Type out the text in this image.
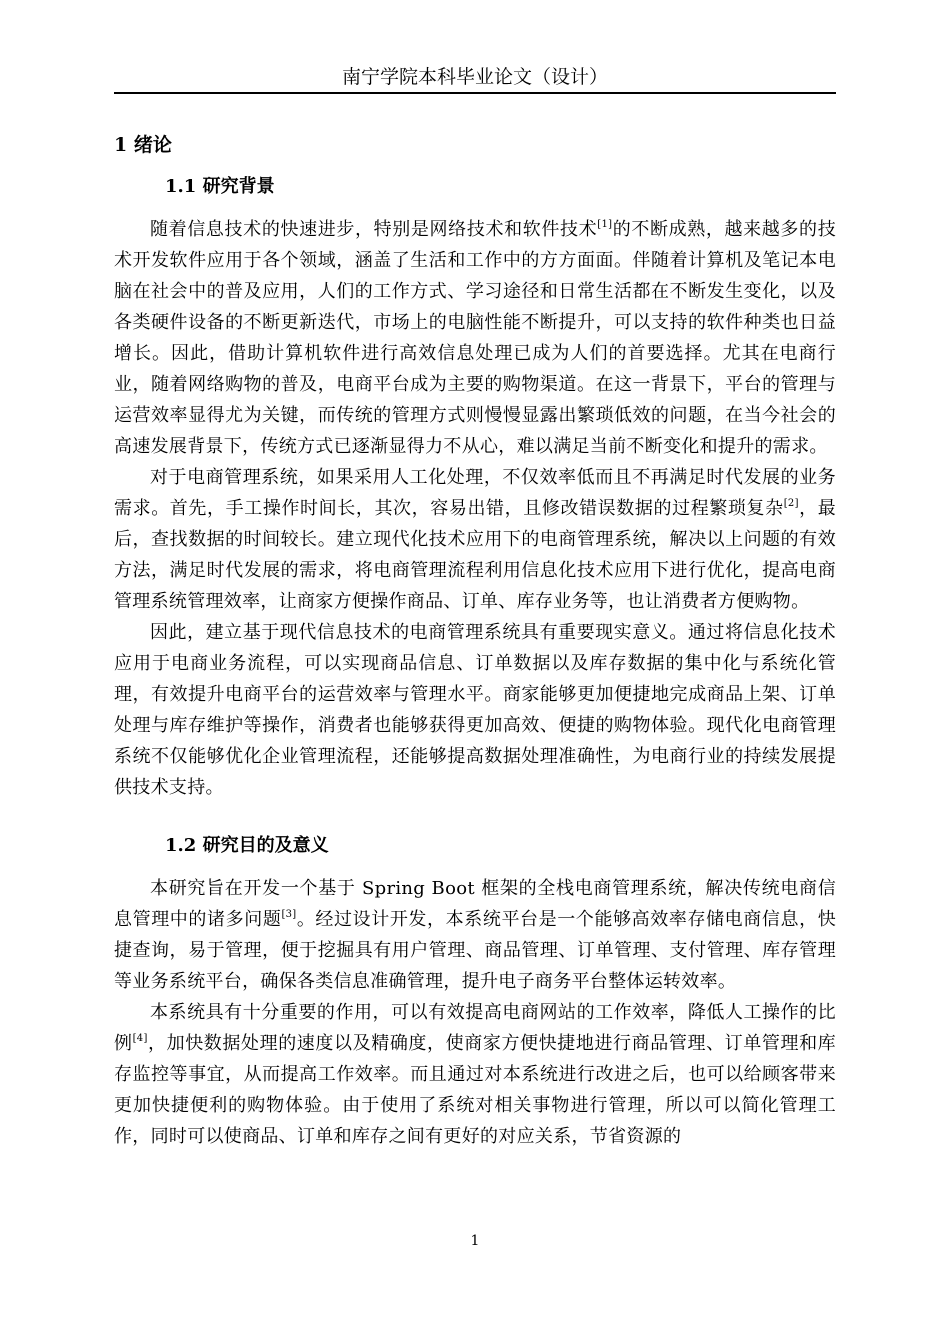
南宁学院本科毕业论文（设计）
1 绪论
1.1 研究背景

随着信息技术的快速进步，特别是网络技术和软件技术[1]的不断成熟，越来越多的技术开发软件应用于各个领域，涵盖了生活和工作中的方方面面。伴随着计算机及笔记本电脑在社会中的普及应用，人们的工作方式、学习途径和日常生活都在不断发生变化，以及各类硬件设备的不断更新迭代，市场上的电脑性能不断提升，可以支持的软件种类也日益增长。因此，借助计算机软件进行高效信息处理已成为人们的首要选择。尤其在电商行业，随着网络购物的普及，电商平台成为主要的购物渠道。在这一背景下，平台的管理与运营效率显得尤为关键，而传统的管理方式则慢慢显露出繁琐低效的问题，在当今社会的高速发展背景下，传统方式已逐渐显得力不从心，难以满足当前不断变化和提升的需求。

对于电商管理系统，如果采用人工化处理，不仅效率低而且不再满足时代发展的业务需求。首先，手工操作时间长，其次，容易出错，且修改错误数据的过程繁琐复杂[2]，最后，查找数据的时间较长。建立现代化技术应用下的电商管理系统，解决以上问题的有效方法，满足时代发展的需求，将电商管理流程利用信息化技术应用下进行优化，提高电商管理系统管理效率，让商家方便操作商品、订单、库存业务等，也让消费者方便购物。

因此，建立基于现代信息技术的电商管理系统具有重要现实意义。通过将信息化技术应用于电商业务流程，可以实现商品信息、订单数据以及库存数据的集中化与系统化管理，有效提升电商平台的运营效率与管理水平。商家能够更加便捷地完成商品上架、订单处理与库存维护等操作，消费者也能够获得更加高效、便捷的购物体验。现代化电商管理系统不仅能够优化企业管理流程，还能够提高数据处理准确性，为电商行业的持续发展提供技术支持。

1.2 研究目的及意义

本研究旨在开发一个基于 Spring Boot 框架的全栈电商管理系统，解决传统电商信息管理中的诸多问题[3]。经过设计开发，本系统平台是一个能够高效率存储电商信息，快捷查询，易于管理，便于挖掘具有用户管理、商品管理、订单管理、支付管理、库存管理等业务系统平台，确保各类信息准确管理，提升电子商务平台整体运转效率。

本系统具有十分重要的作用，可以有效提高电商网站的工作效率，降低人工操作的比例[4]，加快数据处理的速度以及精确度，使商家方便快捷地进行商品管理、订单管理和库存监控等事宜，从而提高工作效率。而且通过对本系统进行改进之后，也可以给顾客带来更加快捷便利的购物体验。由于使用了系统对相关事物进行管理，所以可以简化管理工作，同时可以使商品、订单和库存之间有更好的对应关系，节省资源的

1
